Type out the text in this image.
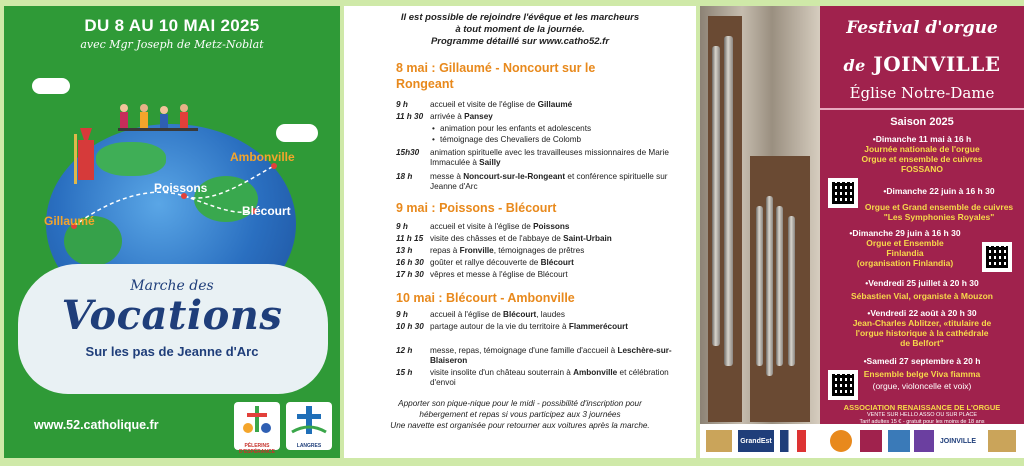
DU 8 AU 10 MAI 2025
avec Mgr Joseph de Metz-Noblat
Ambonville
Poissons
Blécourt
Gillaumé
Marche des
Vocations
Sur les pas de Jeanne d'Arc
www.52.catholique.fr
PÈLERINS D'ESPÉRANCE
LANGRES
Il est possible de rejoindre l'évêque et les marcheurs
à tout moment de la journée.
Programme détaillé sur www.catho52.fr
8 mai : Gillaumé - Noncourt sur le Rongeant
9 h	accueil et visite de l'église de Gillaumé
11 h 30 arrivée à Pansey
• animation pour les enfants et adolescents
• témoignage des Chevaliers de Colomb
15h30 animation spirituelle avec les travailleuses missionnaires de Marie Immaculée à Sailly
18 h messe à Noncourt-sur-le-Rongeant et conférence spirituelle sur Jeanne d'Arc
9 mai : Poissons - Blécourt
9 h	accueil et visite à l'église de Poissons
11 h 15 visite des châsses et de l'abbaye de Saint-Urbain
13 h repas à Fronville, témoignages de prêtres
16 h 30 goûter et rallye découverte de Blécourt
17 h 30 vêpres et messe à l'église de Blécourt
10 mai : Blécourt - Ambonville
9 h	accueil à l'église de Blécourt, laudes
10 h 30 partage autour de la vie du territoire à Flammerécourt
12 h messe, repas, témoignage d'une famille d'accueil à Leschère-sur-Blaiseron
15 h visite insolite d'un château souterrain à Ambonville et célébration d'envoi
Apporter son pique-nique pour le midi - possibilité d'inscription pour
hébergement et repas si vous participez aux 3 journées
Une navette est organisée pour retourner aux voitures après la marche.
Festival d'orgue
de JOINVILLE
Église Notre-Dame
Saison 2025
•Dimanche 11 mai à 16 h
Journée nationale de l'orgue
Orgue et ensemble de cuivres
FOSSANO
•Dimanche 22 juin à 16 h 30
Orgue et Grand ensemble de cuivres
"Les Symphonies Royales"
•Dimanche 29 juin à 16 h 30
Orgue et Ensemble
Finlandia
(organisation Finlandia)
•Vendredi 25 juillet à 20 h 30
Sébastien Vial, organiste à Mouzon
•Vendredi 22 août à 20 h 30
Jean-Charles Ablitzer, «titulaire de
l'orgue historique à la cathédrale
de Belfort"
•Samedi 27 septembre à 20 h
Ensemble belge Viva fiamma
(orgue, violoncelle et voix)
ASSOCIATION RENAISSANCE DE L'ORGUE
VENTE SUR HELLO ASSO OU SUR PLACE
Tarif adultes 15 € - gratuit pour les moins de 18 ans
GrandEst	JOINVILLE
